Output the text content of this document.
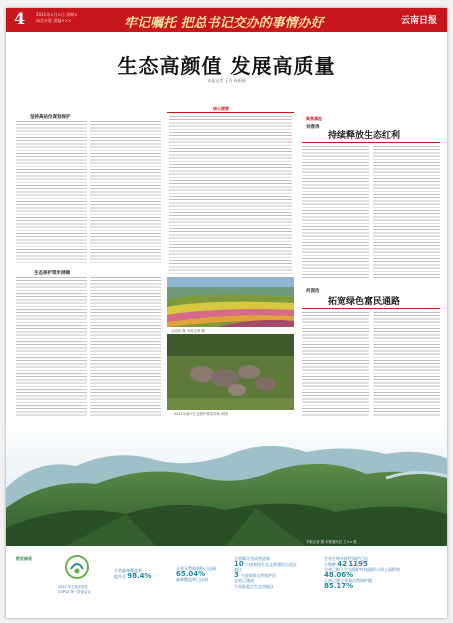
4	2021年×月×日 星期×
绿美专版 责编×××	牢记嘱托 把总书记交办的事情办好	云南日报
生态高颜值 发展高质量
本报记者 王丹 杨娟丽
坚持高站位谋划保护
生态保护筑牢屏障
核心提要
云南省 摄 本报记者 摄
2021年滇中生态保护修复现场 供图
聚焦滇池
刘春涛
持续释放生态红利
何润浩
拓宽绿色富民通路
本报记者 摄 本报通讯员 王×× 摄
数说绿美
2021 年生物多样性
COP15 第一阶段会议
全省森林覆盖率
提升至 98.4%
全省天然林面积已达到
65.04%
森林覆盖率已达到
全省累计完成营造林
10 个国家级生态文明建设示范区
超过
3 个国家级自然保护区
全省已建成
个国家重点生态功能区
全省生物多样性保护已达
个物种 42 1195
全省已纳入生态保护红线面积占国土面积的
48.06%
云南已建立各类自然保护地
85.17%
